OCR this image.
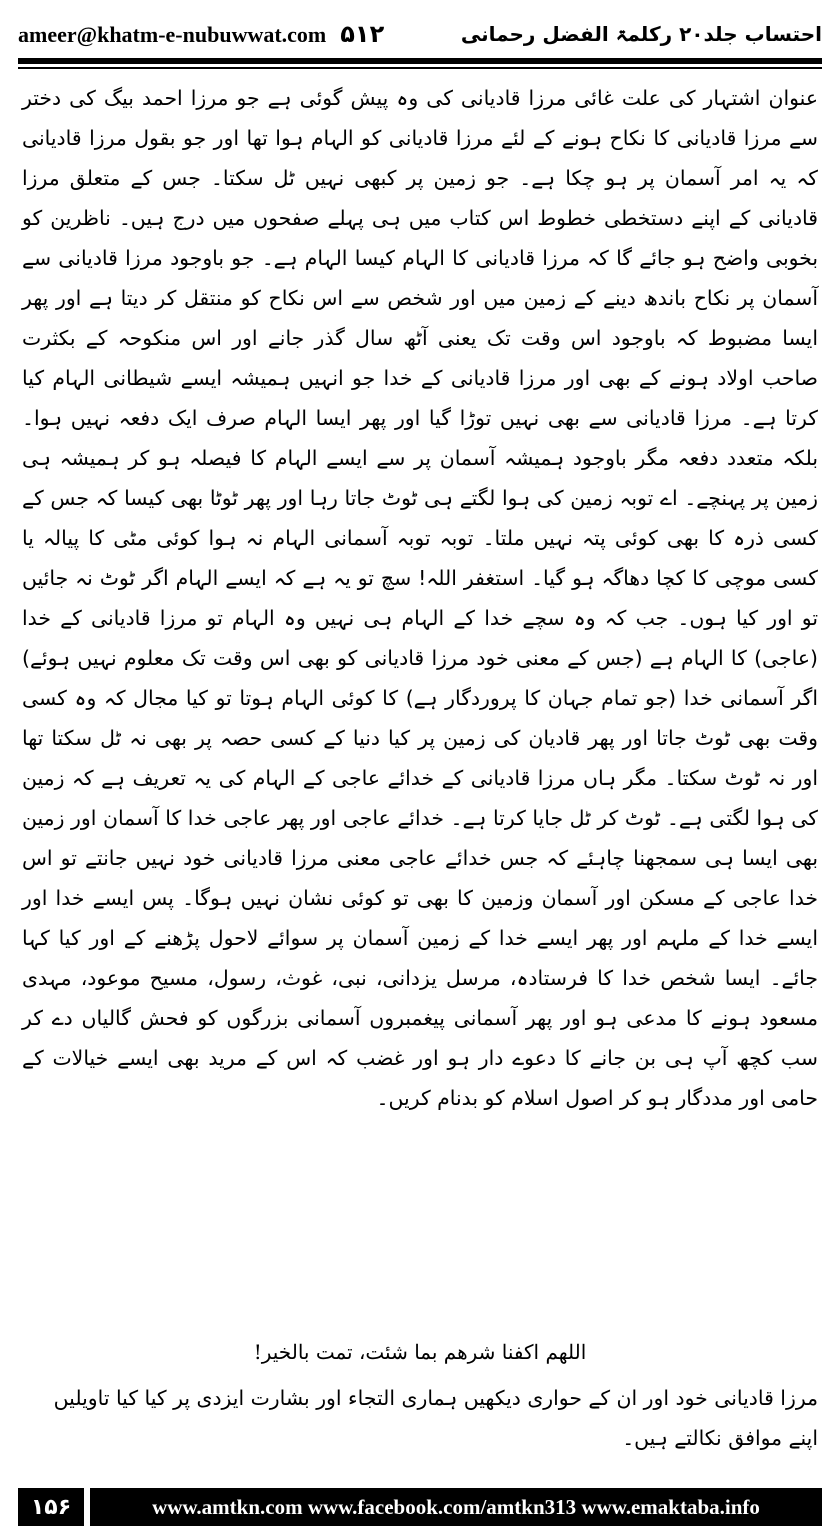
ameer@khatm-e-nubuwwat.com ۵۱۲	احتساب جلد۲۰ رکلمۃ الفضل رحمانی

عنوان اشتہار کی علت غائی مرزا قادیانی کی وہ پیش گوئی ہے جو مرزا احمد بیگ کی دختر سے مرزا قادیانی کا نکاح ہونے کے لئے مرزا قادیانی کو الہام ہوا تھا اور جو بقول مرزا قادیانی کہ یہ امر آسمان پر ہو چکا ہے۔ جو زمین پر کبھی نہیں ٹل سکتا۔ جس کے متعلق مرزا قادیانی کے اپنے دستخطی خطوط اس کتاب میں ہی پہلے صفحوں میں درج ہیں۔ ناظرین کو بخوبی واضح ہو جائے گا کہ مرزا قادیانی کا الہام کیسا الہام ہے۔ جو باوجود مرزا قادیانی سے آسمان پر نکاح باندھ دینے کے زمین میں اور شخص سے اس نکاح کو منتقل کر دیتا ہے اور پھر ایسا مضبوط کہ باوجود اس وقت تک یعنی آٹھ سال گذر جانے اور اس منکوحہ کے بکثرت صاحب اولاد ہونے کے بھی اور مرزا قادیانی کے خدا جو انہیں ہمیشہ ایسے شیطانی الہام کیا کرتا ہے۔ مرزا قادیانی سے بھی نہیں توڑا گیا اور پھر ایسا الہام صرف ایک دفعہ نہیں ہوا۔ بلکہ متعدد دفعہ مگر باوجود ہمیشہ آسمان پر سے ایسے الہام کا فیصلہ ہو کر ہمیشہ ہی زمین پر پہنچے۔ اے توبہ زمین کی ہوا لگتے ہی ٹوٹ جاتا رہا اور پھر ٹوٹا بھی کیسا کہ جس کے کسی ذرہ کا بھی کوئی پتہ نہیں ملتا۔ توبہ توبہ آسمانی الہام نہ ہوا کوئی مٹی کا پیالہ یا کسی موچی کا کچا دھاگہ ہو گیا۔ استغفر اللہ! سچ تو یہ ہے کہ ایسے الہام اگر ٹوٹ نہ جائیں تو اور کیا ہوں۔ جب کہ وہ سچے خدا کے الہام ہی نہیں وہ الہام تو مرزا قادیانی کے خدا (عاجی) کا الہام ہے (جس کے معنی خود مرزا قادیانی کو بھی اس وقت تک معلوم نہیں ہوئے) اگر آسمانی خدا (جو تمام جہان کا پروردگار ہے) کا کوئی الہام ہوتا تو کیا مجال کہ وہ کسی وقت بھی ٹوٹ جاتا اور پھر قادیان کی زمین پر کیا دنیا کے کسی حصہ پر بھی نہ ٹل سکتا تھا اور نہ ٹوٹ سکتا۔ مگر ہاں مرزا قادیانی کے خدائے عاجی کے الہام کی یہ تعریف ہے کہ زمین کی ہوا لگتی ہے۔ ٹوٹ کر ٹل جایا کرتا ہے۔ خدائے عاجی اور پھر عاجی خدا کا آسمان اور زمین بھی ایسا ہی سمجھنا چاہئے کہ جس خدائے عاجی معنی مرزا قادیانی خود نہیں جانتے تو اس خدا عاجی کے مسکن اور آسمان وزمین کا بھی تو کوئی نشان نہیں ہوگا۔ پس ایسے خدا اور ایسے خدا کے ملہم اور پھر ایسے خدا کے زمین آسمان پر سوائے لاحول پڑھنے کے اور کیا کہا جائے۔ ایسا شخص خدا کا فرستادہ، مرسل یزدانی، نبی، غوث، رسول، مسیح موعود، مہدی مسعود ہونے کا مدعی ہو اور پھر آسمانی پیغمبروں آسمانی بزرگوں کو فحش گالیاں دے کر سب کچھ آپ ہی بن جانے کا دعوے دار ہو اور غضب کہ اس کے مرید بھی ایسے خیالات کے حامی اور مددگار ہو کر اصول اسلام کو بدنام کریں۔

اللهم اكفنا شرهم بما شئت، تمت بالخير!

مرزا قادیانی خود اور ان کے حواری دیکھیں ہماری التجاء اور بشارت ایزدی پر کیا کیا تاویلیں اپنے موافق نکالتے ہیں۔

۱۵۶	www.amtkn.com www.facebook.com/amtkn313 www.emaktaba.info
